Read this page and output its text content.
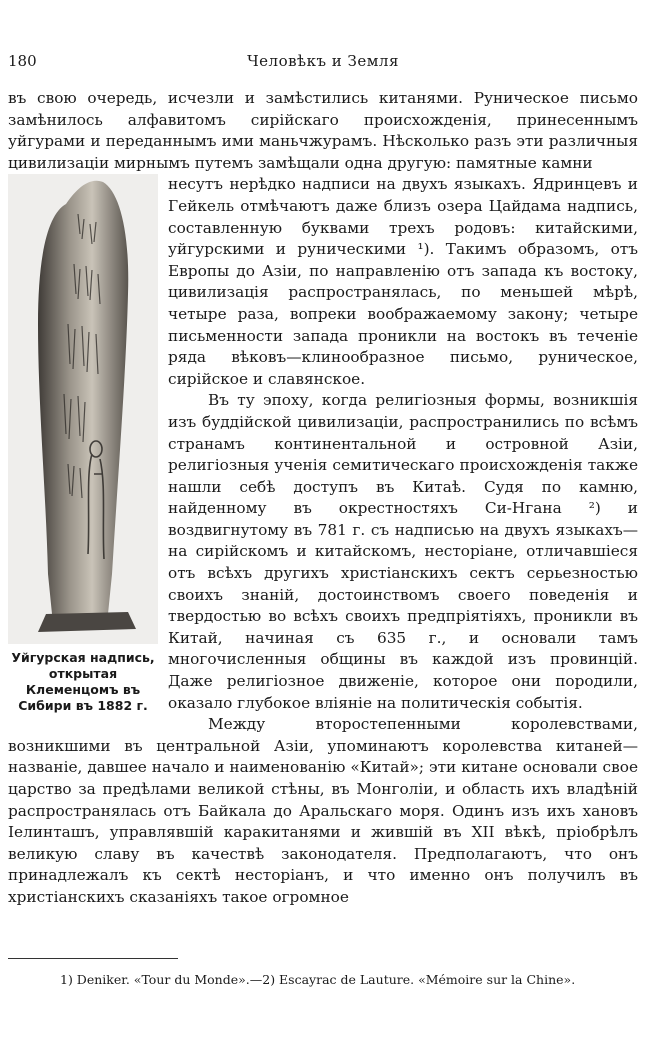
180	Человѣкъ и Земля

въ свою очередь, исчезли и замѣстились китанями. Руническое письмо замѣнилось алфавитомъ сирійскаго происхожденія, принесеннымъ уйгурами и переданнымъ ими маньчжурамъ. Нѣсколько разъ эти различныя цивилизаціи мирнымъ путемъ замѣщали одна другую: памятные камни

Уйгурская надпись, открытая Клеменцомъ въ Сибири въ 1882 г.

несутъ нерѣдко надписи на двухъ языкахъ. Ядринцевъ и Гейкель отмѣчаютъ даже близъ озера Цайдама надпись, составленную буквами трехъ родовъ: китайскими, уйгурскими и руническими ¹). Такимъ образомъ, отъ Европы до Азіи, по направленію отъ запада къ востоку, цивилизація распространялась, по меньшей мѣрѣ, четыре раза, вопреки воображаемому закону; четыре письменности запада проникли на востокъ въ теченіе ряда вѣковъ—клинообразное письмо, руническое, сирійское и славянское.

Въ ту эпоху, когда религіозныя формы, возникшія изъ буддійской цивилизаціи, распространились по всѣмъ странамъ континентальной и островной Азіи, религіозныя ученія семитическаго происхожденія также нашли себѣ доступъ въ Китаѣ. Судя по камню, найденному въ окрестностяхъ Си-Нгана ²) и воздвигнутому въ 781 г. съ надписью на двухъ языкахъ—на сирійскомъ и китайскомъ, несторіане, отличавшіеся отъ всѣхъ другихъ христіанскихъ сектъ серьезностью своихъ знаній, достоинствомъ своего поведенія и твердостью во всѣхъ своихъ предпріятіяхъ, проникли въ Китай, начиная съ 635 г., и основали тамъ многочисленныя общины въ каждой изъ провинцій. Даже религіозное движеніе, которое они породили, оказало глубокое вліяніе на политическія событія.

Между второстепенными королевствами, возникшими въ центральной Азіи, упоминаютъ королевства китаней—названіе, давшее начало и наименованію «Китай»; эти китане основали свое царство за предѣлами великой стѣны, въ Монголіи, и область ихъ владѣній распространялась отъ Байкала до Аральскаго моря. Одинъ изъ ихъ хановъ Іелинташъ, управлявшій каракитанями и жившій въ XII вѣкѣ, пріобрѣлъ великую славу въ качествѣ законодателя. Предполагаютъ, что онъ принадлежалъ къ сектѣ несторіанъ, и что именно онъ получилъ въ христіанскихъ сказаніяхъ такое огромное

1) Deniker. «Tour du Monde».—2) Escayrac de Lauture. «Mémoire sur la Chine».
